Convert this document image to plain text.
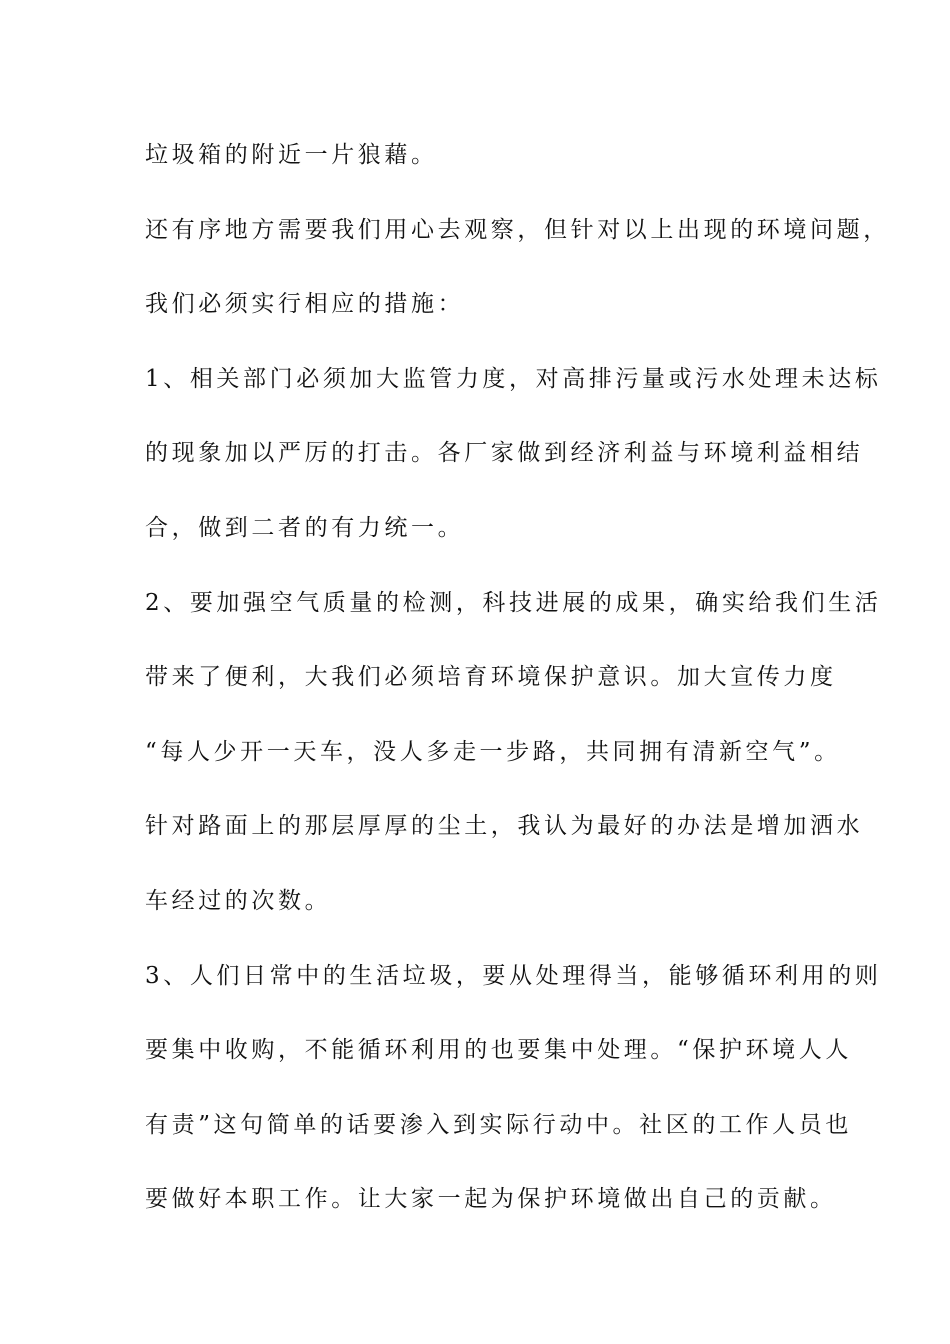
垃圾箱的附近一片狼藉。
还有序地方需要我们用心去观察，但针对以上出现的环境问题，
我们必须实行相应的措施：
1、相关部门必须加大监管力度，对高排污量或污水处理未达标
的现象加以严厉的打击。各厂家做到经济利益与环境利益相结
合，做到二者的有力统一。
2、要加强空气质量的检测，科技进展的成果，确实给我们生活
带来了便利，大我们必须培育环境保护意识。加大宣传力度
“每人少开一天车，没人多走一步路，共同拥有清新空气”。
针对路面上的那层厚厚的尘土，我认为最好的办法是增加洒水
车经过的次数。
3、人们日常中的生活垃圾，要从处理得当，能够循环利用的则
要集中收购，不能循环利用的也要集中处理。“保护环境人人
有责”这句简单的话要渗入到实际行动中。社区的工作人员也
要做好本职工作。让大家一起为保护环境做出自己的贡献。
